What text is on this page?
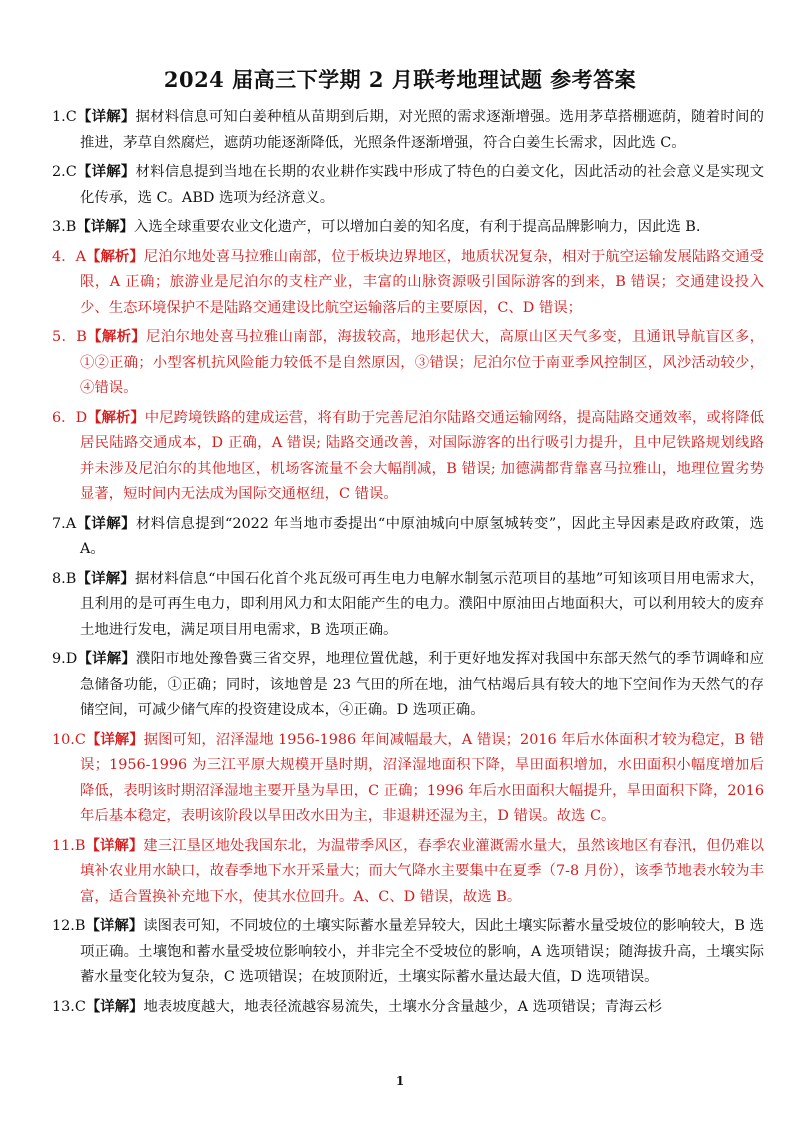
2024 届高三下学期 2 月联考地理试题 参考答案

1.C【详解】据材料信息可知白姜种植从苗期到后期，对光照的需求逐渐增强。选用茅草搭棚遮荫，随着时间的推进，茅草自然腐烂，遮荫功能逐渐降低，光照条件逐渐增强，符合白姜生长需求，因此选 C。

2.C【详解】材料信息提到当地在长期的农业耕作实践中形成了特色的白姜文化，因此活动的社会意义是实现文化传承，选 C。ABD 选项为经济意义。

3.B【详解】入选全球重要农业文化遗产，可以增加白姜的知名度，有利于提高品牌影响力，因此选 B.

4．A【解析】尼泊尔地处喜马拉雅山南部，位于板块边界地区，地质状况复杂，相对于航空运输发展陆路交通受限，A 正确；旅游业是尼泊尔的支柱产业，丰富的山脉资源吸引国际游客的到来，B 错误；交通建设投入少、生态环境保护不是陆路交通建设比航空运输落后的主要原因，C、D 错误；

5．B【解析】尼泊尔地处喜马拉雅山南部，海拔较高，地形起伏大，高原山区天气多变，且通讯导航盲区多，①②正确；小型客机抗风险能力较低不是自然原因，③错误；尼泊尔位于南亚季风控制区，风沙活动较少，④错误。

6．D【解析】中尼跨境铁路的建成运营，将有助于完善尼泊尔陆路交通运输网络，提高陆路交通效率，或将降低居民陆路交通成本，D 正确，A 错误; 陆路交通改善，对国际游客的出行吸引力提升，且中尼铁路规划线路并未涉及尼泊尔的其他地区，机场客流量不会大幅削减，B 错误; 加德满都背靠喜马拉雅山，地理位置劣势显著，短时间内无法成为国际交通枢纽，C 错误。

7.A【详解】材料信息提到“2022 年当地市委提出“中原油城向中原氢城转变”，因此主导因素是政府政策，选 A。

8.B【详解】据材料信息“中国石化首个兆瓦级可再生电力电解水制氢示范项目的基地”可知该项目用电需求大，且利用的是可再生电力，即利用风力和太阳能产生的电力。濮阳中原油田占地面积大，可以利用较大的废弃土地进行发电，满足项目用电需求，B 选项正确。

9.D【详解】濮阳市地处豫鲁冀三省交界，地理位置优越，利于更好地发挥对我国中东部天然气的季节调峰和应急储备功能，①正确；同时，该地曾是 23 气田的所在地，油气枯竭后具有较大的地下空间作为天然气的存储空间，可减少储气库的投资建设成本，④正确。D 选项正确。

10.C【详解】据图可知，沼泽湿地 1956-1986 年间减幅最大，A 错误；2016 年后水体面积才较为稳定，B 错误；1956-1996 为三江平原大规模开垦时期，沼泽湿地面积下降，旱田面积增加，水田面积小幅度增加后降低，表明该时期沼泽湿地主要开垦为旱田，C 正确；1996 年后水田面积大幅提升，旱田面积下降，2016 年后基本稳定，表明该阶段以旱田改水田为主，非退耕还湿为主，D 错误。故选 C。

11.B【详解】建三江垦区地处我国东北，为温带季风区，春季农业灌溉需水量大，虽然该地区有春汛，但仍难以填补农业用水缺口，故春季地下水开采量大；而大气降水主要集中在夏季（7-8 月份），该季节地表水较为丰富，适合置换补充地下水，使其水位回升。A、C、D 错误，故选 B。

12.B【详解】读图表可知，不同坡位的土壤实际蓄水量差异较大，因此土壤实际蓄水量受坡位的影响较大，B 选项正确。土壤饱和蓄水量受坡位影响较小，并非完全不受坡位的影响，A 选项错误；随海拔升高，土壤实际蓄水量变化较为复杂，C 选项错误；在坡顶附近，土壤实际蓄水量达最大值，D 选项错误。

13.C【详解】地表坡度越大，地表径流越容易流失，土壤水分含量越少，A 选项错误；青海云杉

1
